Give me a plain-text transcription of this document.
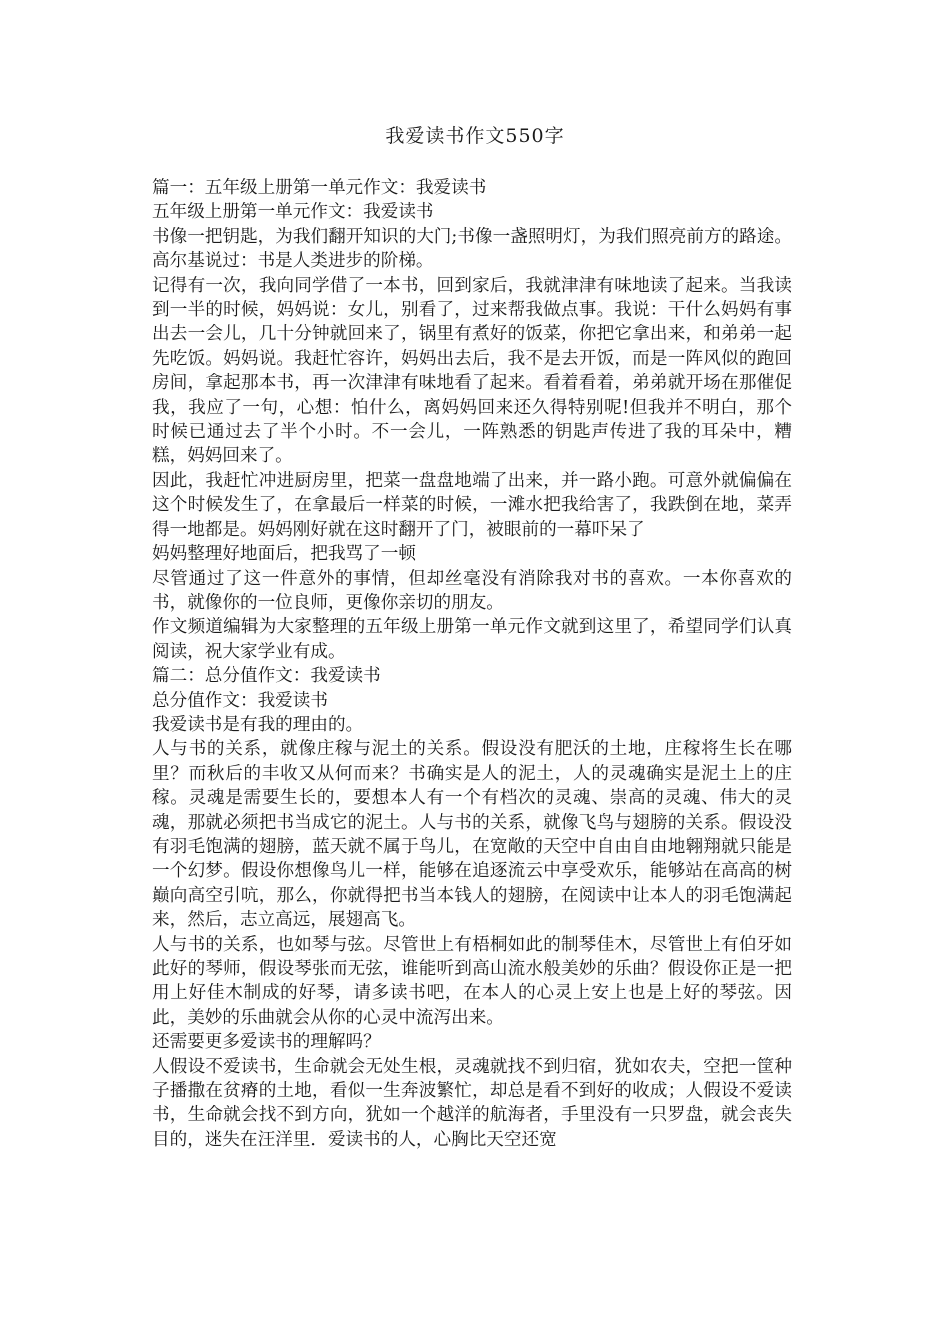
我爱读书作文550字

篇一：五年级上册第一单元作文：我爱读书

五年级上册第一单元作文：我爱读书

书像一把钥匙，为我们翻开知识的大门;书像一盏照明灯，为我们照亮前方的路途。高尔基说过：书是人类进步的阶梯。

记得有一次，我向同学借了一本书，回到家后，我就津津有味地读了起来。当我读到一半的时候，妈妈说：女儿，别看了，过来帮我做点事。我说：干什么妈妈有事出去一会儿，几十分钟就回来了，锅里有煮好的饭菜，你把它拿出来，和弟弟一起先吃饭。妈妈说。我赶忙容许，妈妈出去后，我不是去开饭，而是一阵风似的跑回房间，拿起那本书，再一次津津有味地看了起来。看着看着，弟弟就开场在那催促我，我应了一句，心想：怕什么，离妈妈回来还久得特别呢!但我并不明白，那个时候已通过去了半个小时。不一会儿，一阵熟悉的钥匙声传进了我的耳朵中，糟糕，妈妈回来了。

因此，我赶忙冲进厨房里，把菜一盘盘地端了出来，并一路小跑。可意外就偏偏在这个时候发生了，在拿最后一样菜的时候，一滩水把我给害了，我跌倒在地，菜弄得一地都是。妈妈刚好就在这时翻开了门，被眼前的一幕吓呆了

妈妈整理好地面后，把我骂了一顿

尽管通过了这一件意外的事情，但却丝毫没有消除我对书的喜欢。一本你喜欢的书，就像你的一位良师，更像你亲切的朋友。

作文频道编辑为大家整理的五年级上册第一单元作文就到这里了，希望同学们认真阅读，祝大家学业有成。

篇二：总分值作文：我爱读书

总分值作文：我爱读书

我爱读书是有我的理由的。

人与书的关系，就像庄稼与泥土的关系。假设没有肥沃的土地，庄稼将生长在哪里？而秋后的丰收又从何而来？书确实是人的泥土，人的灵魂确实是泥土上的庄稼。灵魂是需要生长的，要想本人有一个有档次的灵魂、崇高的灵魂、伟大的灵魂，那就必须把书当成它的泥土。人与书的关系，就像飞鸟与翅膀的关系。假设没有羽毛饱满的翅膀，蓝天就不属于鸟儿，在宽敞的天空中自由自由地翱翔就只能是一个幻梦。假设你想像鸟儿一样，能够在追逐流云中享受欢乐，能够站在高高的树巅向高空引吭，那么，你就得把书当本钱人的翅膀，在阅读中让本人的羽毛饱满起来，然后，志立高远，展翅高飞。

人与书的关系，也如琴与弦。尽管世上有梧桐如此的制琴佳木，尽管世上有伯牙如此好的琴师，假设琴张而无弦，谁能听到高山流水般美妙的乐曲？假设你正是一把用上好佳木制成的好琴，请多读书吧，在本人的心灵上安上也是上好的琴弦。因此，美妙的乐曲就会从你的心灵中流泻出来。

还需要更多爱读书的理解吗？

人假设不爱读书，生命就会无处生根，灵魂就找不到归宿，犹如农夫，空把一筐种子播撒在贫瘠的土地，看似一生奔波繁忙，却总是看不到好的收成；人假设不爱读书，生命就会找不到方向，犹如一个越洋的航海者，手里没有一只罗盘，就会丧失目的，迷失在汪洋里．爱读书的人，心胸比天空还宽
